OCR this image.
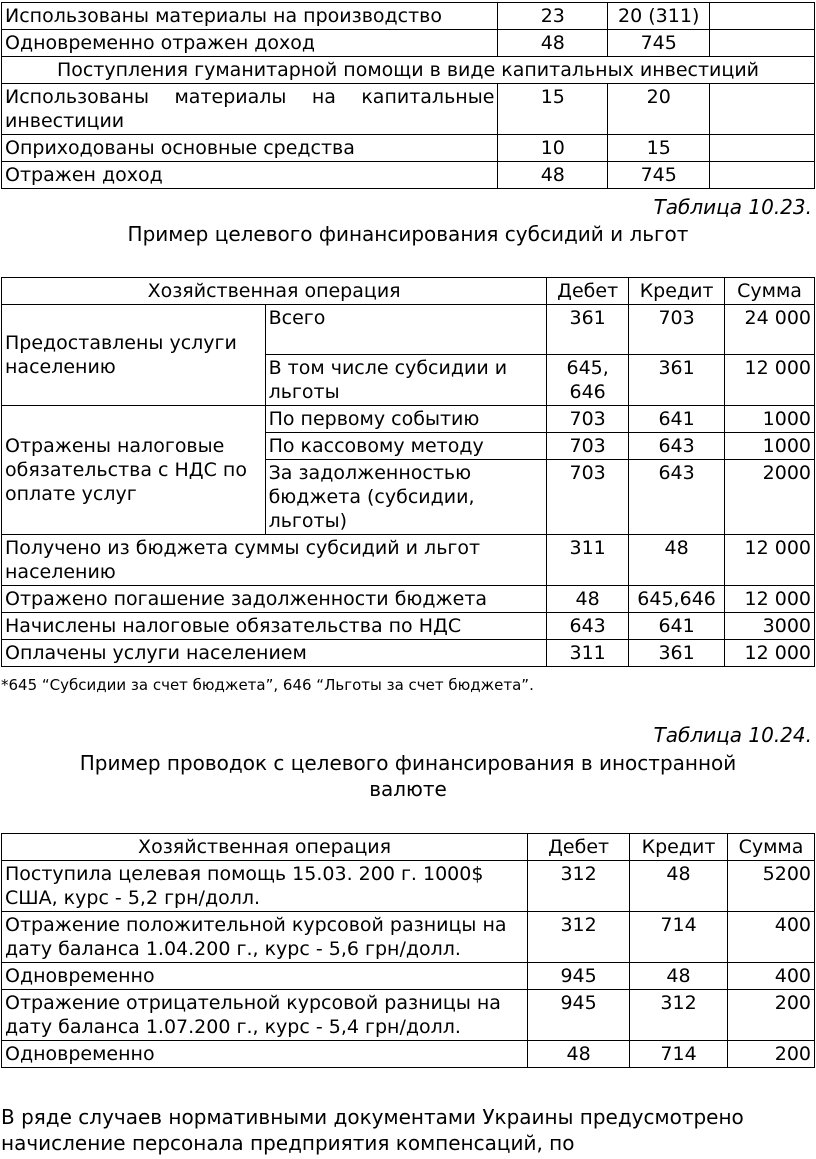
Использованы материалы на производство	23	20 (311)	
Одновременно отражен доход	48	745	
Поступления гуманитарной помощи в виде капитальных инвестиций			

Использованы материалы на капитальные
инвестиции	15	20	
Оприходованы основные средства	10	15	
Отражен доход	48	745	
Таблица 10.23.
Пример целевого финансирования субсидий и льгот
Хозяйственная операция		Дебет	Кредит	Сумма
Предоставлены услуги населению	Всего	361	703	24 000
	В том числе субсидии и льготы	645, 646	361	12 000
Отражены налоговые обязательства с НДС по оплате услуг	По первому событию	703	641	1000
	По кассовому методу	703	643	1000
	За задолженностью бюджета (субсидии, льготы)	703	643	2000
Получено из бюджета суммы субсидий и льгот населению		311	48	12 000
Отражено погашение задолженности бюджета		48	645,646	12 000
Начислены налоговые обязательства по НДС		643	641	3000
Оплачены услуги населением		311	361	12 000
*645 “Субсидии за счет бюджета”, 646 “Льготы за счет бюджета”.
Таблица 10.24.
Пример проводок с целевого финансирования в иностранной валюте
Хозяйственная операция	Дебет	Кредит	Сумма
Поступила целевая помощь 15.03. 200 г. 1000$ США, курс - 5,2 грн/долл.	312	48	5200
Отражение положительной курсовой разницы на дату баланса 1.04.200 г., курс - 5,6 грн/долл.	312	714	400
Одновременно	945	48	400
Отражение отрицательной курсовой разницы на дату баланса 1.07.200 г., курс - 5,4 грн/долл.	945	312	200
Одновременно	48	714	200
В ряде случаев нормативными документами Украины предусмотрено начисление персонала предприятия компенсаций, по
